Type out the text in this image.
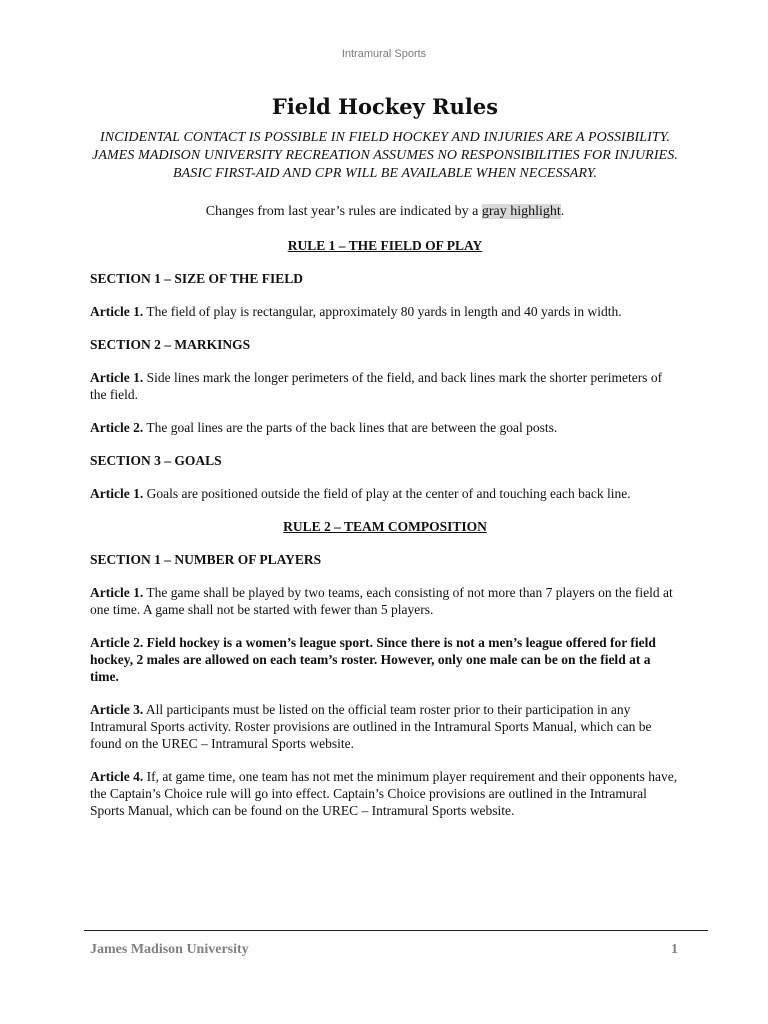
Intramural Sports
Field Hockey Rules
INCIDENTAL CONTACT IS POSSIBLE IN FIELD HOCKEY AND INJURIES ARE A POSSIBILITY.
JAMES MADISON UNIVERSITY RECREATION ASSUMES NO RESPONSIBILITIES FOR INJURIES.
BASIC FIRST-AID AND CPR WILL BE AVAILABLE WHEN NECESSARY.
Changes from last year’s rules are indicated by a gray highlight.
RULE 1 – THE FIELD OF PLAY
SECTION 1 – SIZE OF THE FIELD
Article 1. The field of play is rectangular, approximately 80 yards in length and 40 yards in width.
SECTION 2 – MARKINGS
Article 1. Side lines mark the longer perimeters of the field, and back lines mark the shorter perimeters of the field.
Article 2. The goal lines are the parts of the back lines that are between the goal posts.
SECTION 3 – GOALS
Article 1. Goals are positioned outside the field of play at the center of and touching each back line.
RULE 2 – TEAM COMPOSITION
SECTION 1 – NUMBER OF PLAYERS
Article 1. The game shall be played by two teams, each consisting of not more than 7 players on the field at one time. A game shall not be started with fewer than 5 players.
Article 2. Field hockey is a women’s league sport. Since there is not a men’s league offered for field hockey, 2 males are allowed on each team’s roster. However, only one male can be on the field at a time.
Article 3. All participants must be listed on the official team roster prior to their participation in any Intramural Sports activity. Roster provisions are outlined in the Intramural Sports Manual, which can be found on the UREC – Intramural Sports website.
Article 4. If, at game time, one team has not met the minimum player requirement and their opponents have, the Captain’s Choice rule will go into effect. Captain’s Choice provisions are outlined in the Intramural Sports Manual, which can be found on the UREC – Intramural Sports website.
James Madison University	1
